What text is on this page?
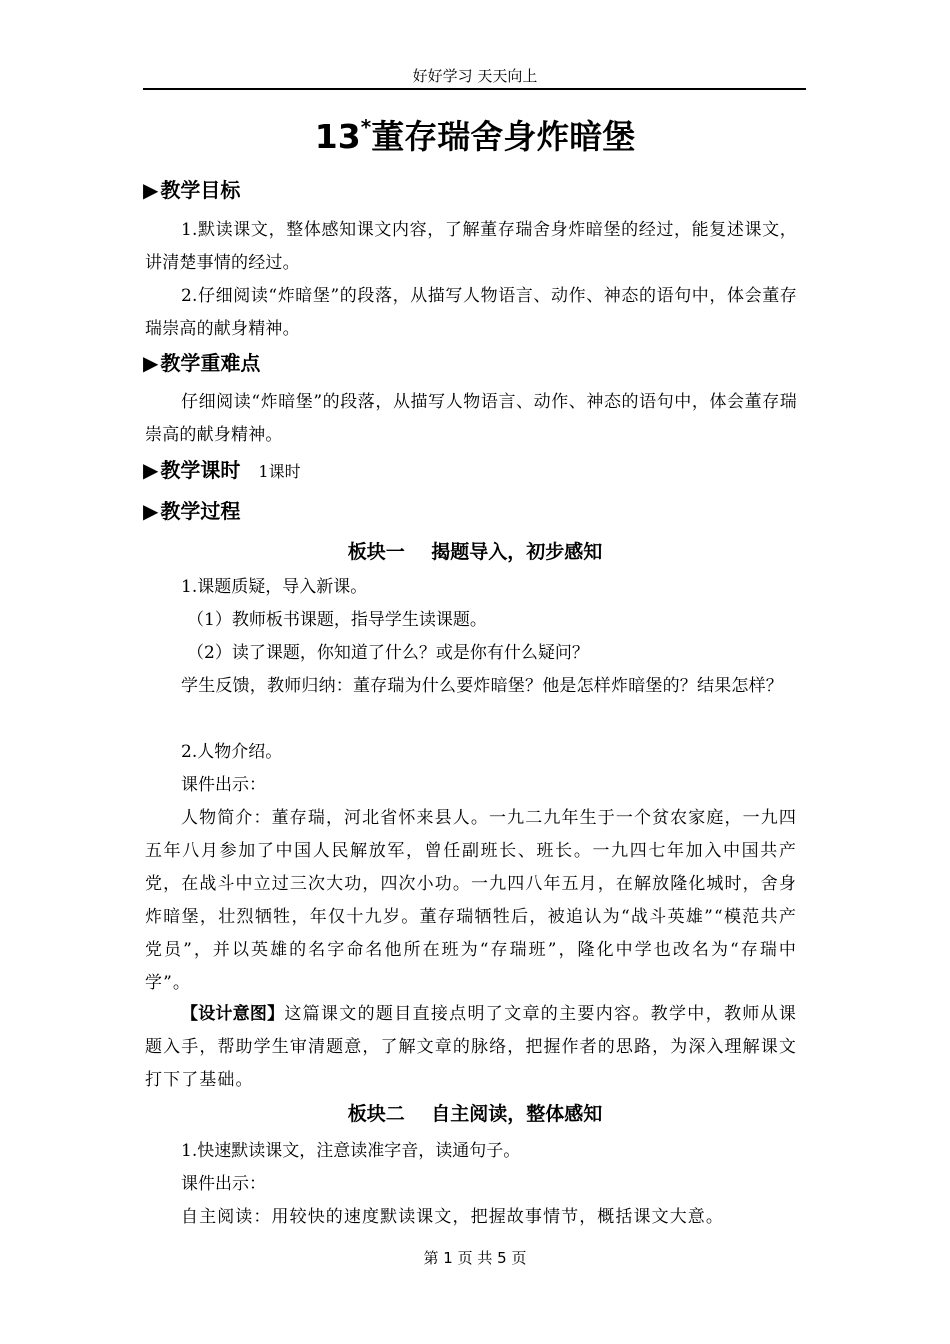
好好学习 天天向上
13*董存瑞舍身炸暗堡
▶ 教学目标
1.默读课文，整体感知课文内容，了解董存瑞舍身炸暗堡的经过，能复述课文，讲清楚事情的经过。
2.仔细阅读“炸暗堡”的段落，从描写人物语言、动作、神态的语句中，体会董存瑞崇高的献身精神。
▶ 教学重难点
仔细阅读“炸暗堡”的段落，从描写人物语言、动作、神态的语句中，体会董存瑞崇高的献身精神。
▶ 教学课时 1课时
▶ 教学过程
板块一    揭题导入，初步感知
1.课题质疑，导入新课。
（1）教师板书课题，指导学生读课题。
（2）读了课题，你知道了什么？或是你有什么疑问？
学生反馈，教师归纳：董存瑞为什么要炸暗堡？他是怎样炸暗堡的？结果怎样？
2.人物介绍。
课件出示：
人物简介：董存瑞，河北省怀来县人。一九二九年生于一个贫农家庭，一九四五年八月参加了中国人民解放军，曾任副班长、班长。一九四七年加入中国共产党，在战斗中立过三次大功，四次小功。一九四八年五月，在解放隆化城时，舍身炸暗堡，壮烈牺牲，年仅十九岁。董存瑞牺牲后，被追认为“战斗英雄”“模范共产党员”，并以英雄的名字命名他所在班为“存瑞班”，隆化中学也改名为“存瑞中学”。
【设计意图】这篇课文的题目直接点明了文章的主要内容。教学中，教师从课题入手，帮助学生审清题意，了解文章的脉络，把握作者的思路，为深入理解课文打下了基础。
板块二    自主阅读，整体感知
1.快速默读课文，注意读准字音，读通句子。
课件出示：
自主阅读：用较快的速度默读课文，把握故事情节，概括课文大意。
第 1 页 共 5 页
